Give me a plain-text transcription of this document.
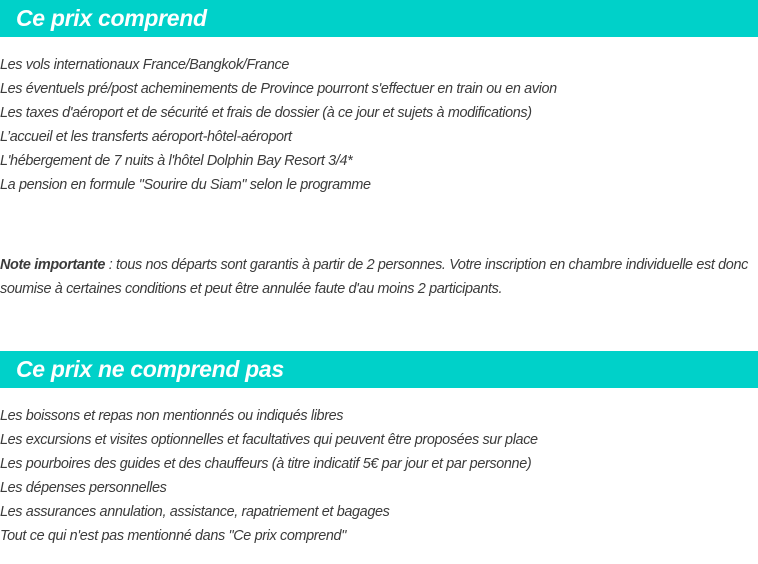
Ce prix comprend
Les vols internationaux France/Bangkok/France
Les éventuels pré/post acheminements de Province pourront s'effectuer en train ou en avion
Les taxes d'aéroport et de sécurité et frais de dossier (à ce jour et sujets à modifications)
L’accueil et les transferts aéroport-hôtel-aéroport
L'hébergement de 7 nuits à l'hôtel Dolphin Bay Resort 3/4*
La pension en formule "Sourire du Siam" selon le programme

Note importante : tous nos départs sont garantis à partir de 2 personnes. Votre inscription en chambre individuelle est donc soumise à certaines conditions et peut être annulée faute d'au moins 2 participants.

Ce prix ne comprend pas
Les boissons et repas non mentionnés ou indiqués libres
Les excursions et visites optionnelles et facultatives qui peuvent être proposées sur place
Les pourboires des guides et des chauffeurs (à titre indicatif 5€ par jour et par personne)
Les dépenses personnelles
Les assurances annulation, assistance, rapatriement et bagages
Tout ce qui n'est pas mentionné dans "Ce prix comprend"
